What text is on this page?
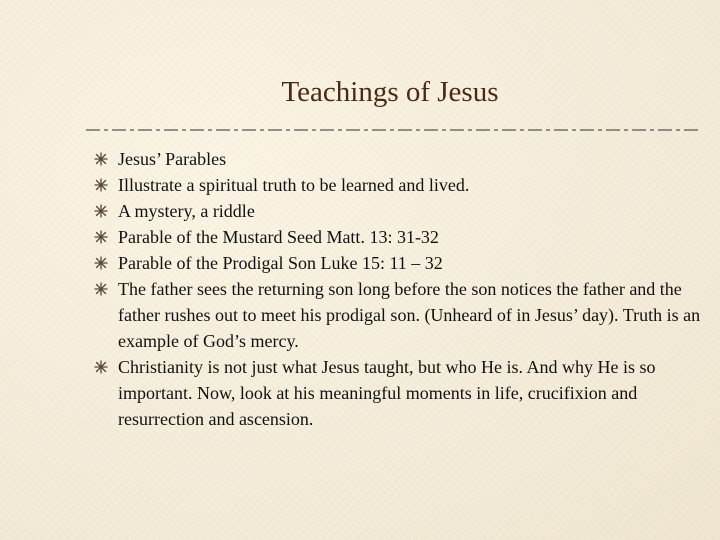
Teachings of Jesus
Jesus’ Parables
Illustrate a spiritual truth to be learned and lived.
A mystery, a riddle
Parable of the Mustard Seed Matt. 13: 31-32
Parable of the Prodigal Son Luke 15: 11 – 32
The father sees the returning son long before the son notices the father and the father rushes out to meet his prodigal son. (Unheard of in Jesus’ day). Truth is an example of God’s mercy.
Christianity is not just what Jesus taught, but who He is. And why He is so important. Now, look at his meaningful moments in life, crucifixion and resurrection and ascension.
